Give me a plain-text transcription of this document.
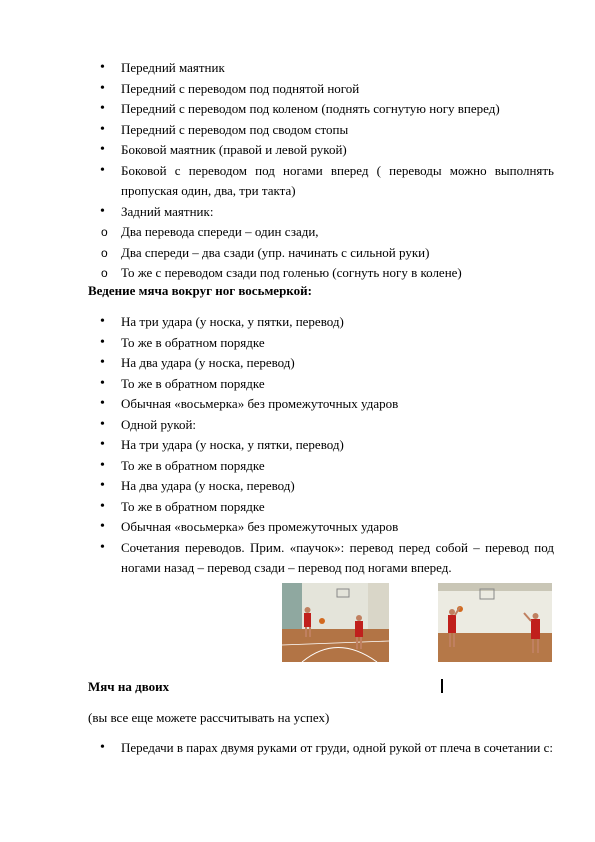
• Передний маятник
• Передний с переводом под поднятой ногой
• Передний с переводом под коленом (поднять согнутую ногу вперед)
• Передний с переводом под сводом стопы
• Боковой маятник (правой и левой рукой)
• Боковой с переводом под ногами вперед ( переводы можно выполнять пропуская один, два, три такта)
• Задний маятник:
o Два перевода спереди – один сзади,
o Два спереди – два сзади (упр. начинать с сильной руки)
o То же с переводом сзади под голенью (согнуть ногу в колене)
Ведение мяча вокруг ног восьмеркой:
• На три удара (у носка, у пятки, перевод)
• То же в обратном порядке
• На два удара (у носка, перевод)
• То же в обратном порядке
• Обычная «восьмерка» без промежуточных ударов
• Одной рукой:
• На три удара (у носка, у пятки, перевод)
• То же в обратном порядке
• На два удара (у носка, перевод)
• То же в обратном порядке
• Обычная «восьмерка» без промежуточных ударов
• Сочетания переводов. Прим. «паучок»: перевод перед собой – перевод под ногами назад – перевод сзади – перевод под ногами вперед.
Мяч на двоих
(вы все еще можете рассчитывать на успех)
• Передачи в парах двумя руками от груди, одной рукой от плеча в сочетании с:
